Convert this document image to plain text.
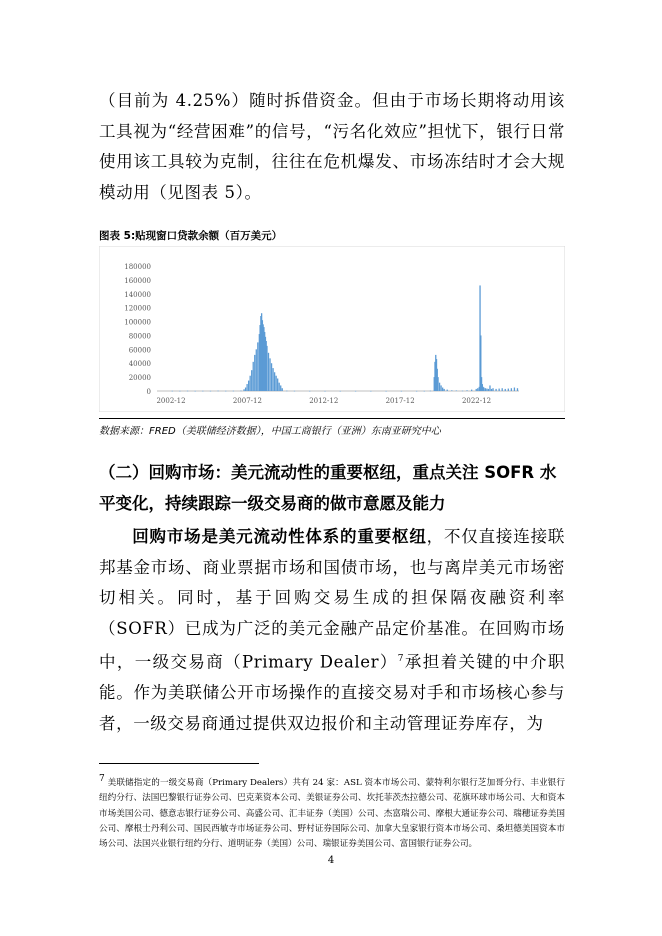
（目前为 4.25%）随时拆借资金。但由于市场长期将动用该工具视为“经营困难”的信号，“污名化效应”担忧下，银行日常使用该工具较为克制，往往在危机爆发、市场冻结时才会大规模动用（见图表 5）。

图表 5:贴现窗口贷款余额（百万美元）
0
20000
40000
60000
80000
100000
120000
140000
160000
180000
2002-12	2007-12	2012-12	2017-12	2022-12
数据来源：FRED（美联储经济数据），中国工商银行（亚洲）东南亚研究中心

（二）回购市场：美元流动性的重要枢纽，重点关注 SOFR 水平变化，持续跟踪一级交易商的做市意愿及能力

回购市场是美元流动性体系的重要枢纽，不仅直接连接联邦基金市场、商业票据市场和国债市场，也与离岸美元市场密切相关。同时，基于回购交易生成的担保隔夜融资利率（SOFR）已成为广泛的美元金融产品定价基准。在回购市场中，一级交易商（Primary Dealer）$^7$承担着关键的中介职能。作为美联储公开市场操作的直接交易对手和市场核心参与者，一级交易商通过提供双边报价和主动管理证券库存，为

$^7$ 美联储指定的一级交易商（Primary Dealers）共有 24 家：ASL 资本市场公司、蒙特利尔银行芝加哥分行、丰业银行纽约分行、法国巴黎银行证券公司、巴克莱资本公司、美银证券公司、坎托菲茨杰拉德公司、花旗环球市场公司、大和资本市场美国公司、德意志银行证券公司、高盛公司、汇丰证券（美国）公司、杰富瑞公司、摩根大通证券公司、瑞穗证券美国公司、摩根士丹利公司、国民西敏寺市场证券公司、野村证券国际公司、加拿大皇家银行资本市场公司、桑坦德美国资本市场公司、法国兴业银行纽约分行、道明证券（美国）公司、瑞银证券美国公司、富国银行证券公司。

4
